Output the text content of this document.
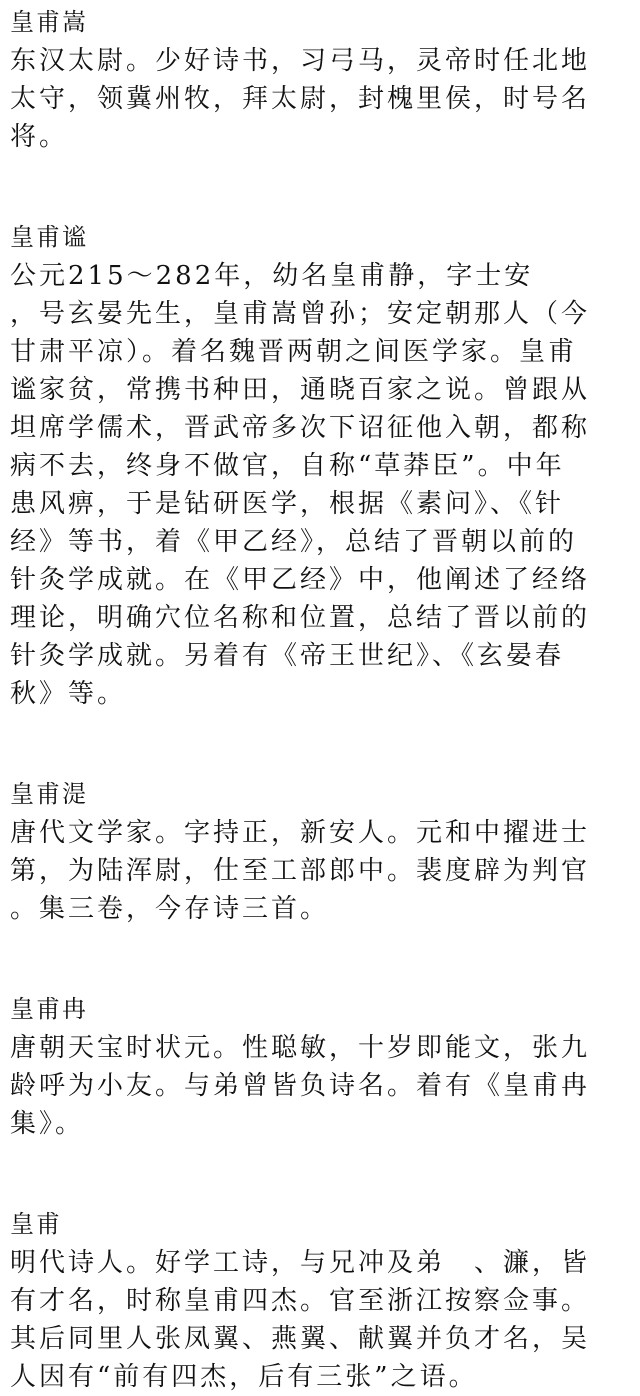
皇甫嵩
东汉太尉。少好诗书，习弓马，灵帝时任北地
太守，领冀州牧，拜太尉，封槐里侯，时号名
将。
皇甫谧
公元215～282年，幼名皇甫静，字士安
，号玄晏先生，皇甫嵩曾孙；安定朝那人（今
甘肃平凉）。着名魏晋两朝之间医学家。皇甫
谧家贫，常携书种田，通晓百家之说。曾跟从
坦席学儒术，晋武帝多次下诏征他入朝，都称
病不去，终身不做官，自称“草莽臣”。中年
患风痹，于是钻研医学，根据《素问》、《针
经》等书，着《甲乙经》，总结了晋朝以前的
针灸学成就。在《甲乙经》中，他阐述了经络
理论，明确穴位名称和位置，总结了晋以前的
针灸学成就。另着有《帝王世纪》、《玄晏春
秋》等。
皇甫湜
唐代文学家。字持正，新安人。元和中擢进士
第，为陆浑尉，仕至工部郎中。裴度辟为判官
。集三卷，今存诗三首。
皇甫冉
唐朝天宝时状元。性聪敏，十岁即能文，张九
龄呼为小友。与弟曾皆负诗名。着有《皇甫冉
集》。
皇甫
明代诗人。好学工诗，与兄冲及弟　、濂，皆
有才名，时称皇甫四杰。官至浙江按察佥事。
其后同里人张凤翼、燕翼、献翼并负才名，吴
人因有“前有四杰，后有三张”之语。
